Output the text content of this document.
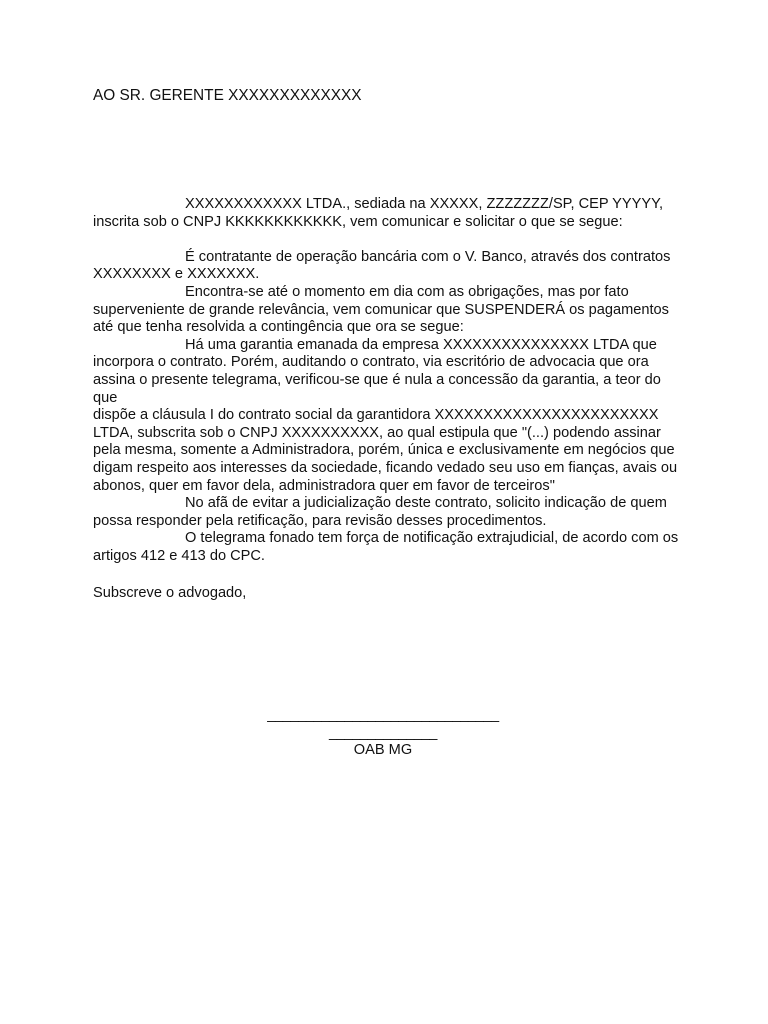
AO SR. GERENTE XXXXXXXXXXXXX

XXXXXXXXXXXX LTDA., sediada na XXXXX, ZZZZZZZ/SP, CEP YYYYY,
inscrita sob o CNPJ KKKKKKKKKKKK, vem comunicar e solicitar o que se segue:

É contratante de operação bancária com o V. Banco, através dos contratos
XXXXXXXX e XXXXXXX.

Encontra-se até o momento em dia com as obrigações, mas por fato
superveniente de grande relevância, vem comunicar que SUSPENDERÁ os pagamentos
até que tenha resolvida a contingência que ora se segue:

Há uma garantia emanada da empresa XXXXXXXXXXXXXXX LTDA que
incorpora o contrato. Porém, auditando o contrato, via escritório de advocacia que ora
assina o presente telegrama, verificou-se que é nula a concessão da garantia, a teor do que
dispõe a cláusula I do contrato social da garantidora XXXXXXXXXXXXXXXXXXXXXXX
LTDA, subscrita sob o CNPJ XXXXXXXXXX, ao qual estipula que "(...) podendo assinar
pela mesma, somente a Administradora, porém, única e exclusivamente em negócios que
digam respeito aos interesses da sociedade, ficando vedado seu uso em fianças, avais ou
abonos, quer em favor dela, administradora quer em favor de terceiros"

No afã de evitar a judicialização deste contrato, solicito indicação de quem
possa responder pela retificação, para revisão desses procedimentos.

O telegrama fonado tem força de notificação extrajudicial, de acordo com os
artigos 412 e 413 do CPC.

Subscreve o advogado,
______________________________
______________
OAB MG
